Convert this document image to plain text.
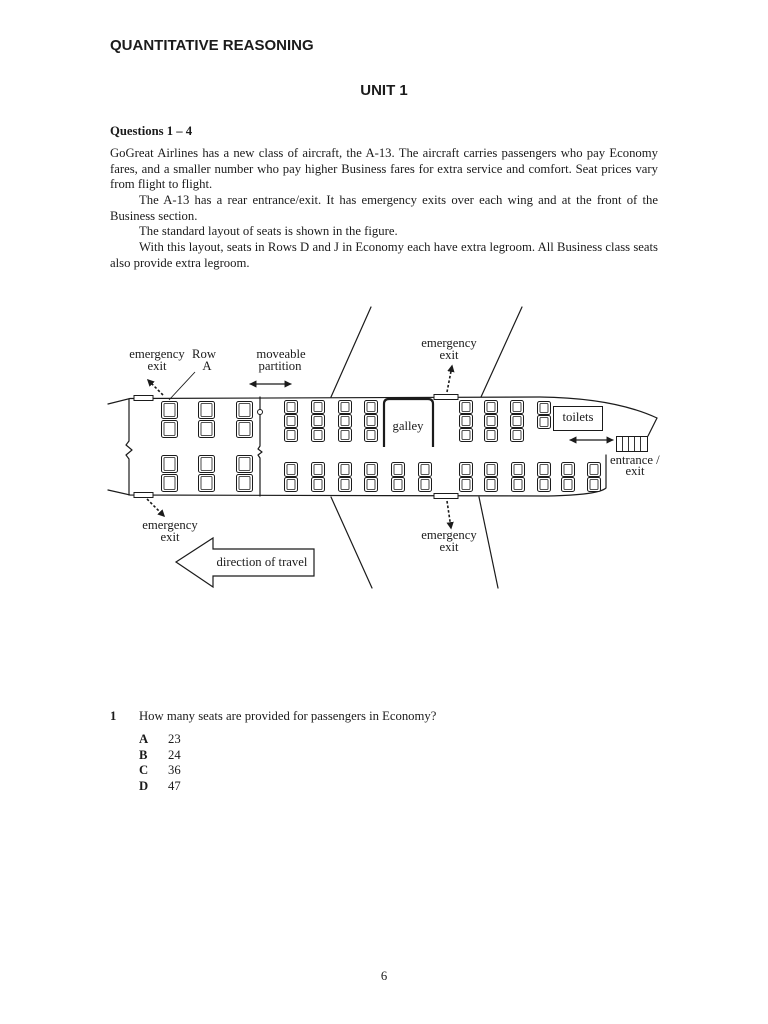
QUANTITATIVE REASONING
UNIT 1
Questions 1 – 4
GoGreat Airlines has a new class of aircraft, the A-13. The aircraft carries passengers who pay Economy
fares, and a smaller number who pay higher Business fares for extra service and comfort. Seat prices vary
from flight to flight.
The A-13 has a rear entrance/exit. It has emergency exits over each wing and at the front of the
Business section.
The standard layout of seats is shown in the figure.
With this layout, seats in Rows D and J in Economy each have extra legroom. All Business class seats
also provide extra legroom.
emergency
exit
Row
A
moveable
partition
emergency
exit
galley
toilets
entrance /
exit
emergency
exit	emergency
exit
direction of travel
1 How many seats are provided for passengers in Economy?
A 23
B 24
C 36
D 47
6
